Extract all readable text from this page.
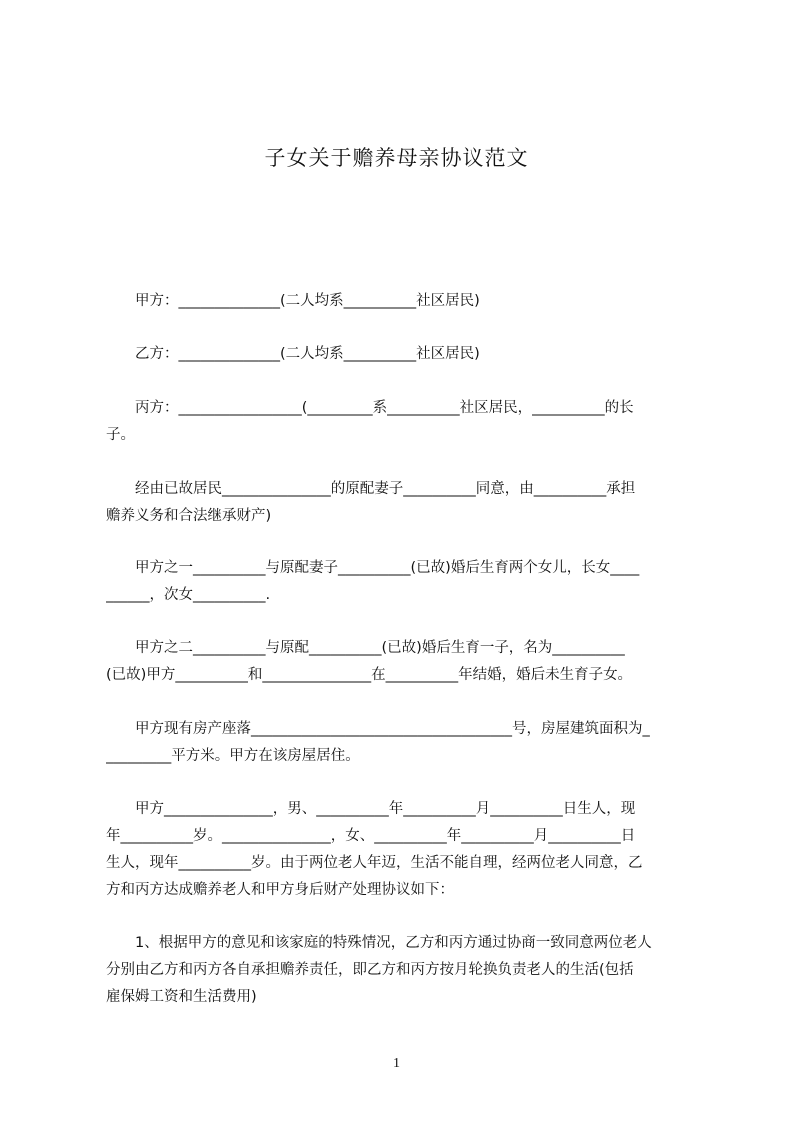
子女关于赡养母亲协议范文
　　甲方：______________(二人均系__________社区居民)
　　乙方：______________(二人均系__________社区居民)
　　丙方：_________________(_________系__________社区居民，__________的长
子。
　　经由已故居民_______________的原配妻子__________同意，由__________承担
赡养义务和合法继承财产)
　　甲方之一__________与原配妻子__________(已故)婚后生育两个女儿，长女____
______，次女__________.
　　甲方之二__________与原配__________(已故)婚后生育一子，名为__________
(已故)甲方__________和_______________在__________年结婚，婚后未生育子女。
　　甲方现有房产座落____________________________________号，房屋建筑面积为_
_________平方米。甲方在该房屋居住。
　　甲方_______________，男、__________年__________月__________日生人，现
年__________岁。_______________，女、__________年__________月__________日
生人，现年__________岁。由于两位老人年迈，生活不能自理，经两位老人同意，乙
方和丙方达成赡养老人和甲方身后财产处理协议如下：
　　1、根据甲方的意见和该家庭的特殊情况，乙方和丙方通过协商一致同意两位老人
分别由乙方和丙方各自承担赡养责任，即乙方和丙方按月轮换负责老人的生活(包括
雇保姆工资和生活费用)
1
